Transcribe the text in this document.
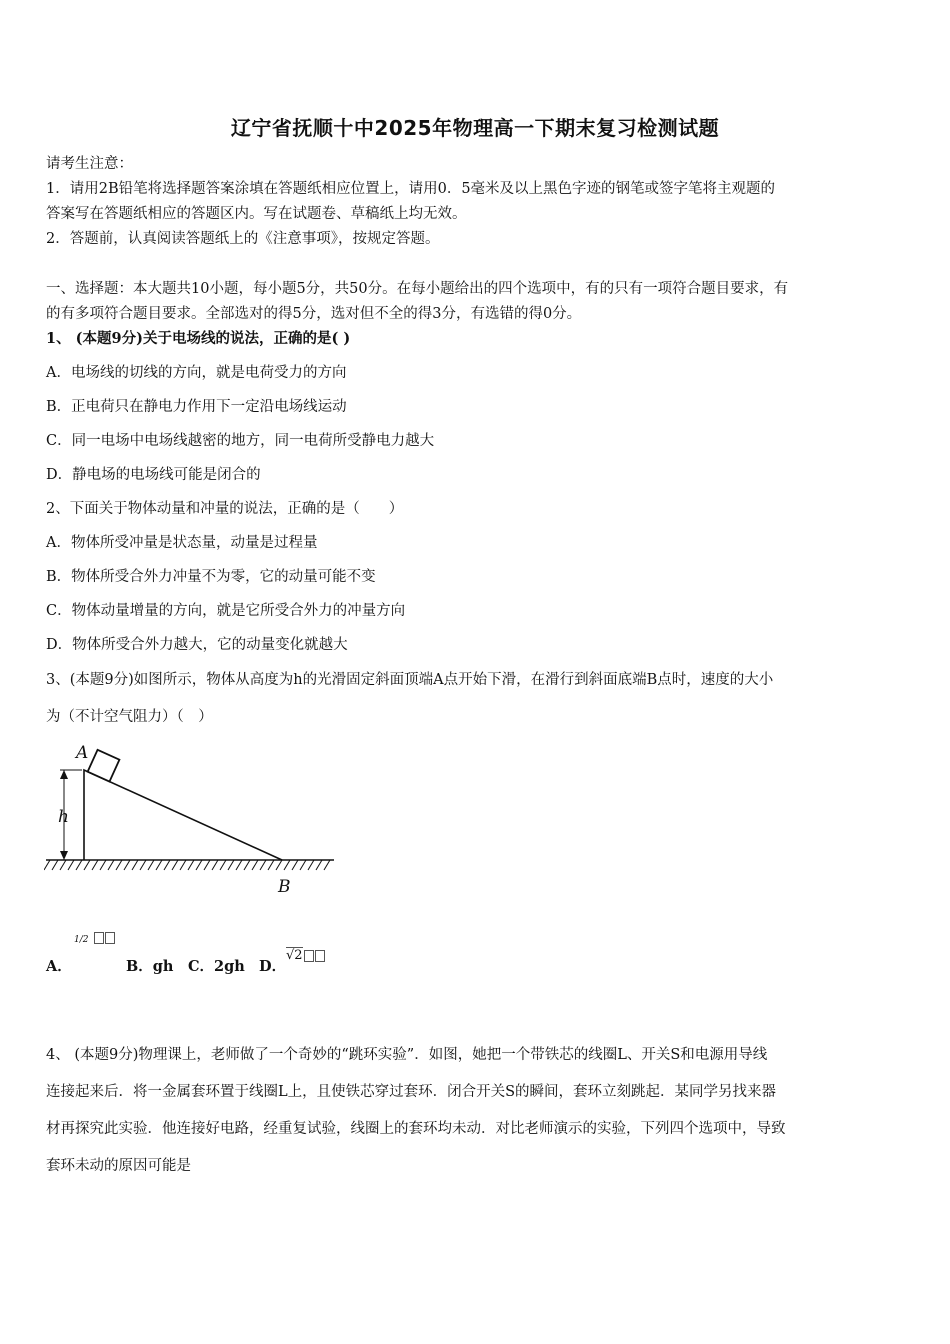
辽宁省抚顺十中2025年物理高一下期末复习检测试题
请考生注意：
1．请用2B铅笔将选择题答案涂填在答题纸相应位置上，请用0．5毫米及以上黑色字迹的钢笔或签字笔将主观题的
答案写在答题纸相应的答题区内。写在试题卷、草稿纸上均无效。
2．答题前，认真阅读答题纸上的《注意事项》，按规定答题。
一、选择题：本大题共10小题，每小题5分，共50分。在每小题给出的四个选项中，有的只有一项符合题目要求，有
的有多项符合题目要求。全部选对的得5分，选对但不全的得3分，有选错的得0分。
1、 (本题9分)关于电场线的说法，正确的是( )
A．电场线的切线的方向，就是电荷受力的方向
B．正电荷只在静电力作用下一定沿电场线运动
C．同一电场中电场线越密的地方，同一电荷所受静电力越大
D．静电场的电场线可能是闭合的
2、下面关于物体动量和冲量的说法，正确的是（　　）
A．物体所受冲量是状态量，动量是过程量
B．物体所受合外力冲量不为零，它的动量可能不变
C．物体动量增量的方向，就是它所受合外力的冲量方向
D．物体所受合外力越大，它的动量变化就越大
3、(本题9分)如图所示，物体从高度为h的光滑固定斜面顶端A点开始下滑，在滑行到斜面底端B点时，速度的大小
为（不计空气阻力）（　）
h
A
B
A．
1/2
B．gh C．2gh D．
√2
4、 (本题9分)物理课上，老师做了一个奇妙的“跳环实验”．如图，她把一个带铁芯的线圈L、开关S和电源用导线
连接起来后．将一金属套环置于线圈L上，且使铁芯穿过套环．闭合开关S的瞬间，套环立刻跳起．某同学另找来器
材再探究此实验．他连接好电路，经重复试验，线圈上的套环均未动．对比老师演示的实验，下列四个选项中，导致
套环未动的原因可能是
